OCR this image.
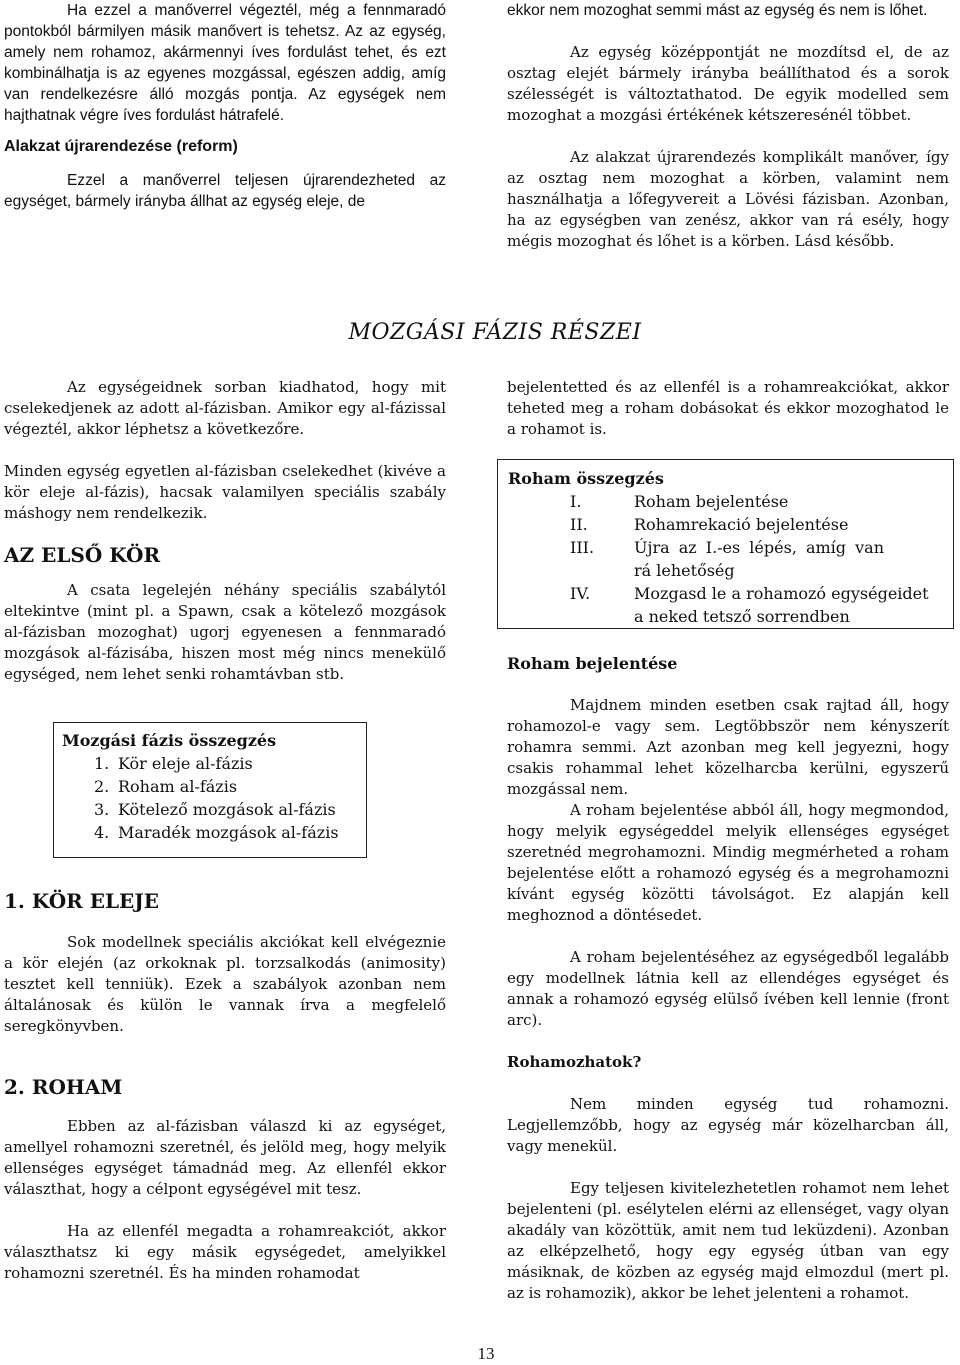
Ha ezzel a manőverrel végeztél, még a fennmaradó pontokból bármilyen másik manővert is tehetsz. Az az egység, amely nem rohamoz, akármennyi íves fordulást tehet, és ezt kombinálhatja is az egyenes mozgással, egészen addig, amíg van rendelkezésre álló mozgás pontja. Az egységek nem hajthatnak végre íves fordulást hátrafelé.

Alakzat újrarendezése (reform)

Ezzel a manőverrel teljesen újrarendezheted az egységet, bármely irányba állhat az egység eleje, de

ekkor nem mozoghat semmi mást az egység és nem is lőhet.

Az egység középpontját ne mozdítsd el, de az osztag elejét bármely irányba beállíthatod és a sorok szélességét is változtathatod. De egyik modelled sem mozoghat a mozgási értékének kétszeresénél többet.

Az alakzat újrarendezés komplikált manőver, így az osztag nem mozoghat a körben, valamint nem használhatja a lőfegyvereit a Lövési fázisban. Azonban, ha az egységben van zenész, akkor van rá esély, hogy mégis mozoghat és lőhet is a körben. Lásd később.

MOZGÁSI FÁZIS RÉSZEI

Az egységeidnek sorban kiadhatod, hogy mit cselekedjenek az adott al-fázisban. Amikor egy al-fázissal végeztél, akkor léphetsz a következőre.

Minden egység egyetlen al-fázisban cselekedhet (kivéve a kör eleje al-fázis), hacsak valamilyen speciális szabály máshogy nem rendelkezik.

AZ ELSŐ KÖR

A csata legelején néhány speciális szabálytól eltekintve (mint pl. a Spawn, csak a kötelező mozgások al-fázisban mozoghat) ugorj egyenesen a fennmaradó mozgások al-fázisába, hiszen most még nincs menekülő egységed, nem lehet senki rohamtávban stb.

Mozgási fázis összegzés

1. Kör eleje al-fázis
2. Roham al-fázis
3. Kötelező mozgások al-fázis
4. Maradék mozgások al-fázis

1. KÖR ELEJE

Sok modellnek speciális akciókat kell elvégeznie a kör elején (az orkoknak pl. torzsalkodás (animosity) tesztet kell tenniük). Ezek a szabályok azonban nem általánosak és külön le vannak írva a megfelelő seregkönyvben.

2. ROHAM

Ebben az al-fázisban válaszd ki az egységet, amellyel rohamozni szeretnél, és jelöld meg, hogy melyik ellenséges egységet támadnád meg. Az ellenfél ekkor választhat, hogy a célpont egységével mit tesz.

Ha az ellenfél megadta a rohamreakciót, akkor választhatsz ki egy másik egységedet, amelyikkel rohamozni szeretnél. És ha minden rohamodat

bejelentetted és az ellenfél is a rohamreakciókat, akkor teheted meg a roham dobásokat és ekkor mozoghatod le a rohamot is.

Roham összegzés

I.	Roham bejelentése
II.	Rohamrekació bejelentése
III.	Újra az I.-es lépés, amíg van rá lehetőség
IV.	Mozgasd le a rohamozó egységeidet a neked tetsző sorrendben

Roham bejelentése

Majdnem minden esetben csak rajtad áll, hogy rohamozol-e vagy sem. Legtöbbször nem kényszerít rohamra semmi. Azt azonban meg kell jegyezni, hogy csakis rohammal lehet közelharcba kerülni, egyszerű mozgással nem.

A roham bejelentése abból áll, hogy megmondod, hogy melyik egységeddel melyik ellenséges egységet szeretnéd megrohamozni. Mindig megmérheted a roham bejelentése előtt a rohamozó egység és a megrohamozni kívánt egység közötti távolságot. Ez alapján kell meghoznod a döntésedet.

A roham bejelentéséhez az egységedből legalább egy modellnek látnia kell az ellendéges egységet és annak a rohamozó egység elülső ívében kell lennie (front arc).

Rohamozhatok?

Nem minden egység tud rohamozni. Legjellemzőbb, hogy az egység már közelharcban áll, vagy menekül.

Egy teljesen kivitelezhetetlen rohamot nem lehet bejelenteni (pl. esélytelen elérni az ellenséget, vagy olyan akadály van közöttük, amit nem tud leküzdeni). Azonban az elképzelhető, hogy egy egység útban van egy másiknak, de közben az egység majd elmozdul (mert pl. az is rohamozik), akkor be lehet jelenteni a rohamot.

13
